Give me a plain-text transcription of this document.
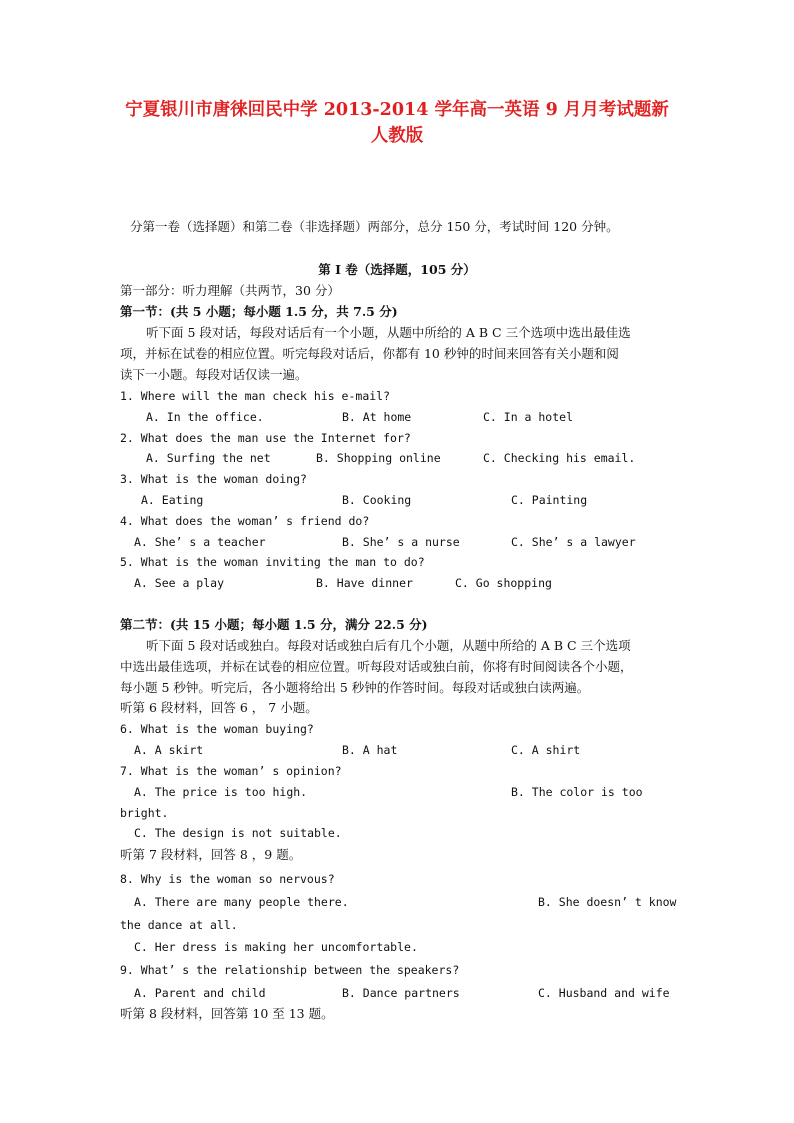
宁夏银川市唐徕回民中学 2013-2014 学年高一英语 9 月月考试题新
人教版
分第一卷（选择题）和第二卷（非选择题）两部分，总分 150 分，考试时间 120 分钟。
第 I 卷（选择题，105 分）
第一部分：听力理解（共两节，30 分）
第一节：(共 5 小题；每小题 1.5 分，共 7.5 分)
听下面 5 段对话，每段对话后有一个小题，从题中所给的 A B C 三个选项中选出最佳选
项，并标在试卷的相应位置。听完每段对话后，你都有 10 秒钟的时间来回答有关小题和阅
读下一小题。每段对话仅读一遍。
1. Where will the man check his e-mail?
A. In the office.	B. At home	C. In a hotel
2. What does the man use the Internet for?
A. Surfing the net	B. Shopping online	C. Checking his email.
3. What is the woman doing?
A. Eating	B. Cooking	C. Painting
4. What does the woman’ s friend do?
A. She’ s a teacher	B. She’ s a nurse	C. She’ s a lawyer
5. What is the woman inviting the man to do?
A. See a play	B. Have dinner	C. Go shopping
第二节：(共 15 小题；每小题 1.5 分，满分 22.5 分)
听下面 5 段对话或独白。每段对话或独白后有几个小题，从题中所给的 A B C 三个选项
中选出最佳选项，并标在试卷的相应位置。听每段对话或独白前，你将有时间阅读各个小题，
每小题 5 秒钟。听完后，各小题将给出 5 秒钟的作答时间。每段对话或独白读两遍。
听第 6 段材料，回答 6 ， 7 小题。
6. What is the woman buying?
A. A skirt	B. A hat	C. A shirt
7. What is the woman’ s opinion?
A. The price is too high.	B. The color is too
bright.
C. The design is not suitable.
听第 7 段材料，回答 8 ，9 题。
8. Why is the woman so nervous?
A. There are many people there.	B. She doesn’ t know
the dance at all.
C. Her dress is making her uncomfortable.
9. What’ s the relationship between the speakers?
A. Parent and child	B. Dance partners	C. Husband and wife
听第 8 段材料，回答第 10 至 13 题。
